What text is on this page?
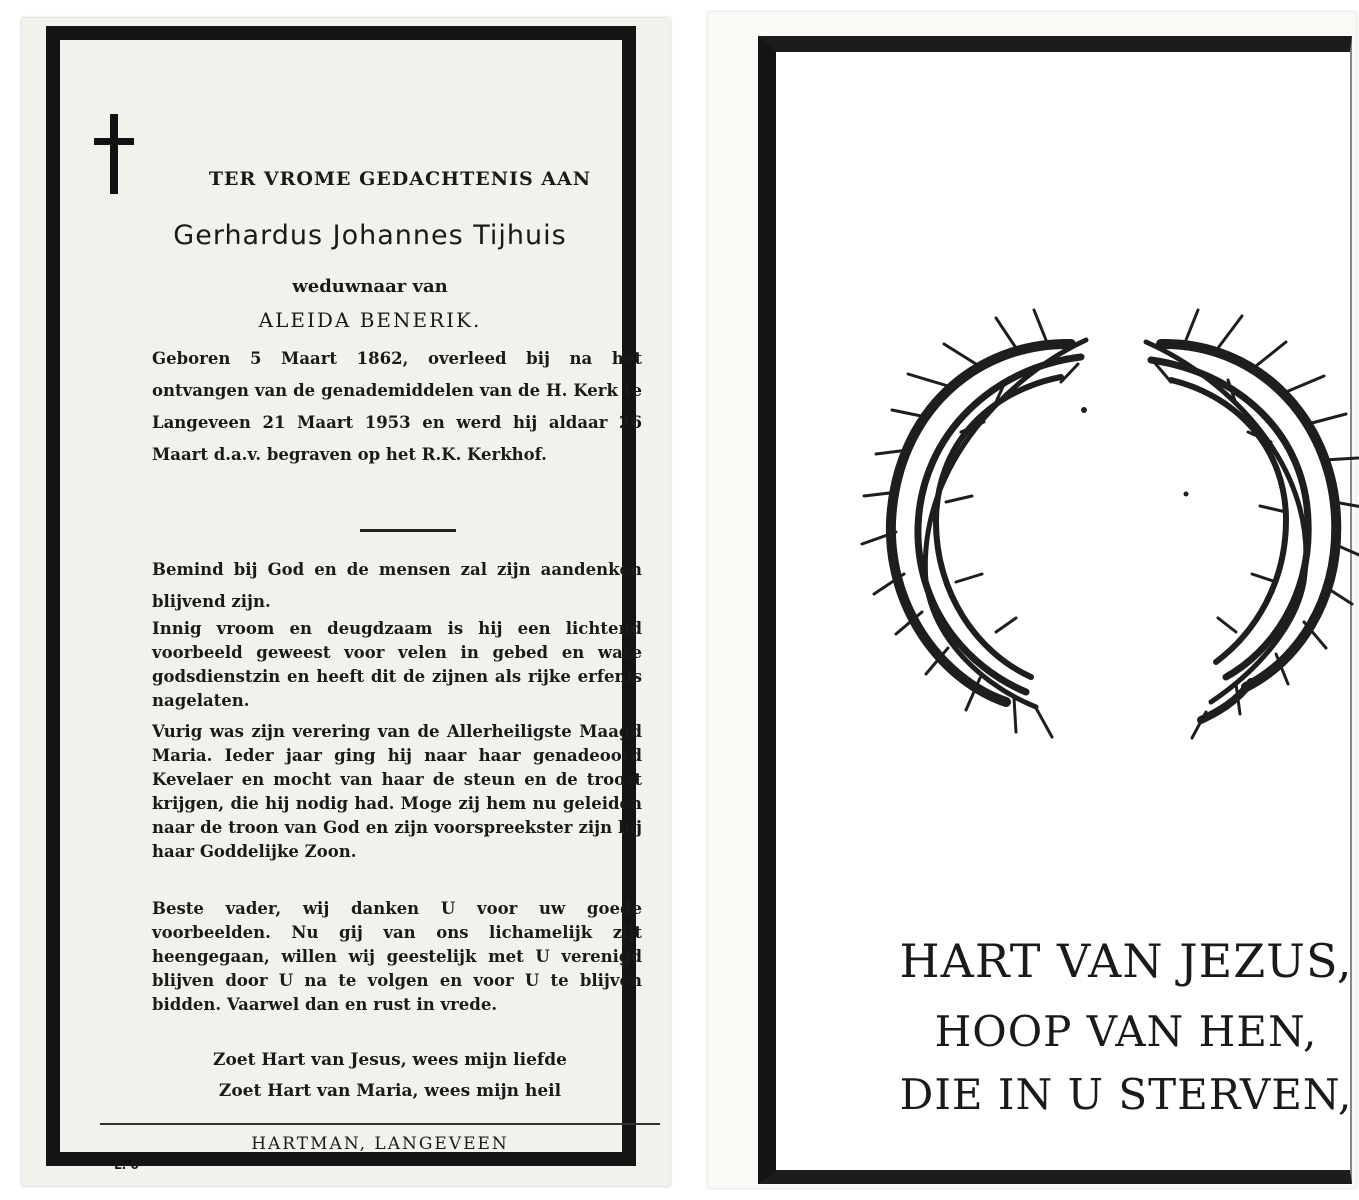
TER VROME GEDACHTENIS AAN

Gerhardus Johannes Tijhuis

weduwnaar van

ALEIDA BENERIK.

Geboren 5 Maart 1862, overleed bij na het ontvangen van de genademiddelen van de H. Kerk te Langeveen 21 Maart 1953 en werd hij aldaar 26 Maart d.a.v. begraven op het R.K. Kerkhof.

Bemind bij God en de mensen zal zijn aandenken blijvend zijn.

Innig vroom en deugdzaam is hij een lichtend voorbeeld geweest voor velen in gebed en ware godsdienstzin en heeft dit de zijnen als rijke erfenis nagelaten.

Vurig was zijn verering van de Allerheiligste Maagd Maria. Ieder jaar ging hij naar haar genadeoord Kevelaer en mocht van haar de steun en de troost krijgen, die hij nodig had. Moge zij hem nu geleiden naar de troon van God en zijn voorspreekster zijn bij haar Goddelijke Zoon.

Beste vader, wij danken U voor uw goede voorbeelden. Nu gij van ons lichamelijk zijt heengegaan, willen wij geestelijk met U verenigd blijven door U na te volgen en voor U te blijven bidden. Vaarwel dan en rust in vrede.

Zoet Hart van Jesus, wees mijn liefde

Zoet Hart van Maria, wees mijn heil

HARTMAN, LANGEVEEN

L. 6

HART VAN JEZUS,

HOOP VAN HEN,

DIE IN U STERVEN,
